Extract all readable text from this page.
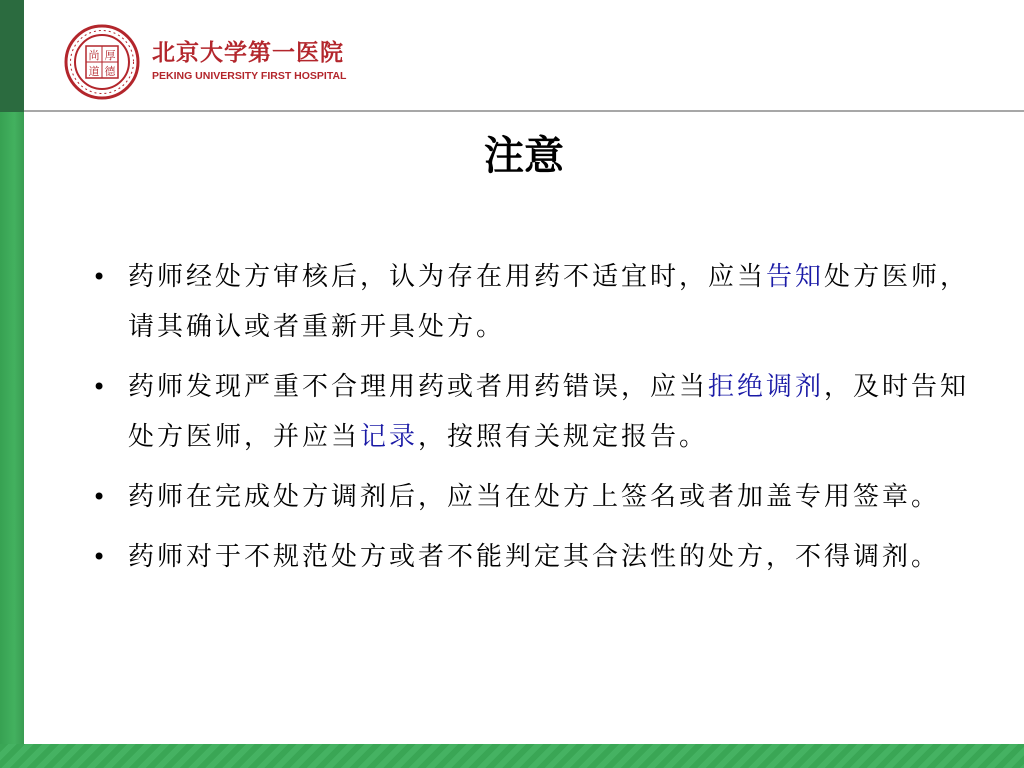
尚 厚
道 德
北京大学第一医院
PEKING UNIVERSITY FIRST HOSPITAL
注意
• 药师经处方审核后，认为存在用药不适宜时，应当告知处方医师，请其确认或者重新开具处方。
• 药师发现严重不合理用药或者用药错误，应当拒绝调剂，及时告知处方医师，并应当记录，按照有关规定报告。
• 药师在完成处方调剂后，应当在处方上签名或者加盖专用签章。
• 药师对于不规范处方或者不能判定其合法性的处方，不得调剂。
